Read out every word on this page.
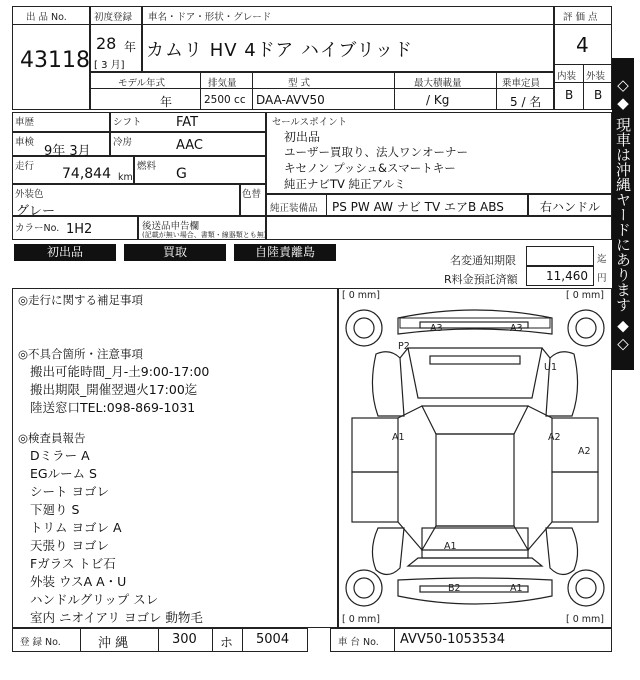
出 品 No.
43118
初度登録
28 年
[ 3 月]
車名・ドア・形状・グレード
カムリ HV 4ドア ハイブリッド
評 価 点
4
内装 外装
B B
モデル年式
年
排気量
2500 cc
型 式
DAA-AVV50
最大積載量
/ Kg
乗車定員
5 / 名
車歴	シフト	FAT
車検
9年 3月
冷房	AAC
走行 74,844 km
燃料 G
外装色
グレー
色替
カラーNo. 1H2	後送品申告欄
(記載が無い場合、書類・線器類とも無)
セールスポイント
初出品
ユーザー買取り、法人ワンオーナー
キセノン プッシュ&スマートキー
純正ナビTV 純正アルミ
純正装備品 PS PW AW ナビ TV エアB ABS	右ハンドル
初出品	買取	自陸責離島
名変通知期限	迄
R料金預託済額 11,460 円
◎走行に関する補足事項
◎不具合箇所・注意事項
搬出可能時間_月-土9:00-17:00
搬出期限_開催翌週火17:00迄
陸送窓口TEL:098-869-1031
◎検査員報告
Dミラー A
EGルーム S
シート ヨゴレ
下廻り S
トリム ヨゴレ A
天張り ヨゴレ
Fガラス トビ石
外装 ウスA A・U
ハンドルグリップ スレ
室内 ニオイアリ ヨゴレ 動物毛
[ 0 mm]	[ 0 mm]
[ 0 mm]	[ 0 mm]
A3	A3
P2
U1
A1	A2
A2
A1
B2	A1
登 録 No.	沖 縄	300 ホ 5004	車 台 No. AVV50-1053534
◇◆ 現車は沖縄ヤードにあります ◆◇
